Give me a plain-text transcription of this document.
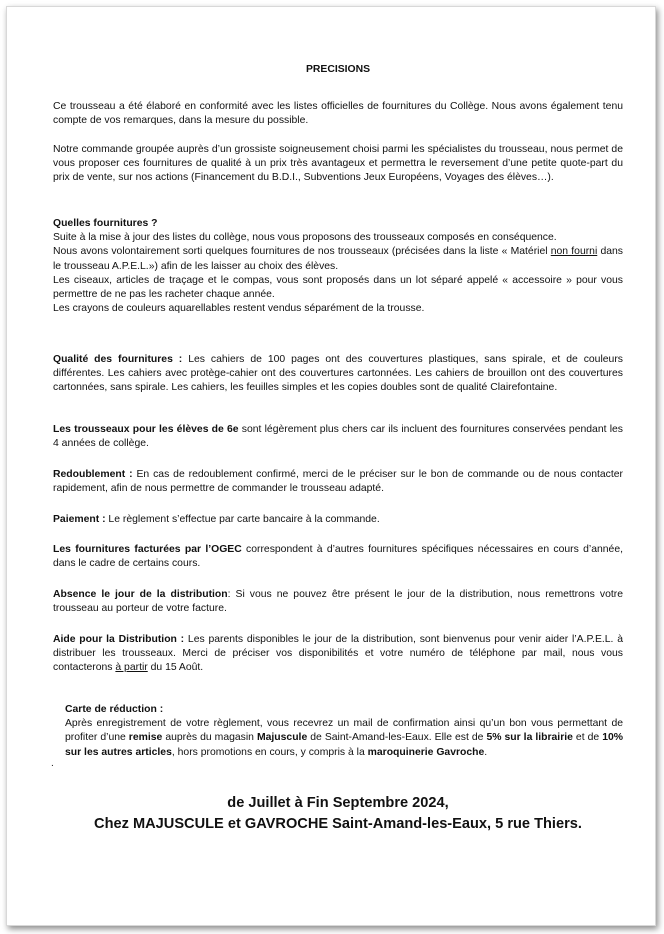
PRECISIONS

Ce trousseau a été élaboré en conformité avec les listes officielles de fournitures du Collège. Nous avons également tenu compte de vos remarques, dans la mesure du possible.

Notre commande groupée auprès d’un grossiste soigneusement choisi parmi les spécialistes du trousseau, nous permet de vous proposer ces fournitures de qualité à un prix très avantageux et permettra le reversement d’une petite quote-part du prix de vente, sur nos actions (Financement du B.D.I., Subventions Jeux Européens, Voyages des élèves…).

Quelles fournitures ?

Suite à la mise à jour des listes du collège, nous vous proposons des trousseaux composés en conséquence.

Nous avons volontairement sorti quelques fournitures de nos trousseaux (précisées dans la liste « Matériel non fourni dans le trousseau A.P.E.L.») afin de les laisser au choix des élèves.

Les ciseaux, articles de traçage et le compas, vous sont proposés dans un lot séparé appelé « accessoire » pour vous permettre de ne pas les racheter chaque année.

Les crayons de couleurs aquarellables restent vendus séparément de la trousse.

Qualité des fournitures : Les cahiers de 100 pages ont des couvertures plastiques, sans spirale, et de couleurs différentes. Les cahiers avec protège-cahier ont des couvertures cartonnées. Les cahiers de brouillon ont des couvertures cartonnées, sans spirale. Les cahiers, les feuilles simples et les copies doubles sont de qualité Clairefontaine.

Les trousseaux pour les élèves de 6e sont légèrement plus chers car ils incluent des fournitures conservées pendant les 4 années de collège.

Redoublement : En cas de redoublement confirmé, merci de le préciser sur le bon de commande ou de nous contacter rapidement, afin de nous permettre de commander le trousseau adapté.

Paiement : Le règlement s’effectue par carte bancaire à la commande.

Les fournitures facturées par l’OGEC correspondent à d’autres fournitures spécifiques nécessaires en cours d’année, dans le cadre de certains cours.

Absence le jour de la distribution: Si vous ne pouvez être présent le jour de la distribution, nous remettrons votre trousseau au porteur de votre facture.

Aide pour la Distribution : Les parents disponibles le jour de la distribution, sont bienvenus pour venir aider l’A.P.E.L. à distribuer les trousseaux. Merci de préciser vos disponibilités et votre numéro de téléphone par mail, nous vous contacterons à partir du 15 Août.

Carte de réduction :

Après enregistrement de votre règlement, vous recevrez un mail de confirmation ainsi qu’un bon vous permettant de profiter d’une remise auprès du magasin Majuscule de Saint-Amand-les-Eaux. Elle est de 5% sur la librairie et de 10% sur les autres articles, hors promotions en cours, y compris à la maroquinerie Gavroche.

.
de Juillet à Fin Septembre 2024,
Chez MAJUSCULE et GAVROCHE Saint-Amand-les-Eaux, 5 rue Thiers.
